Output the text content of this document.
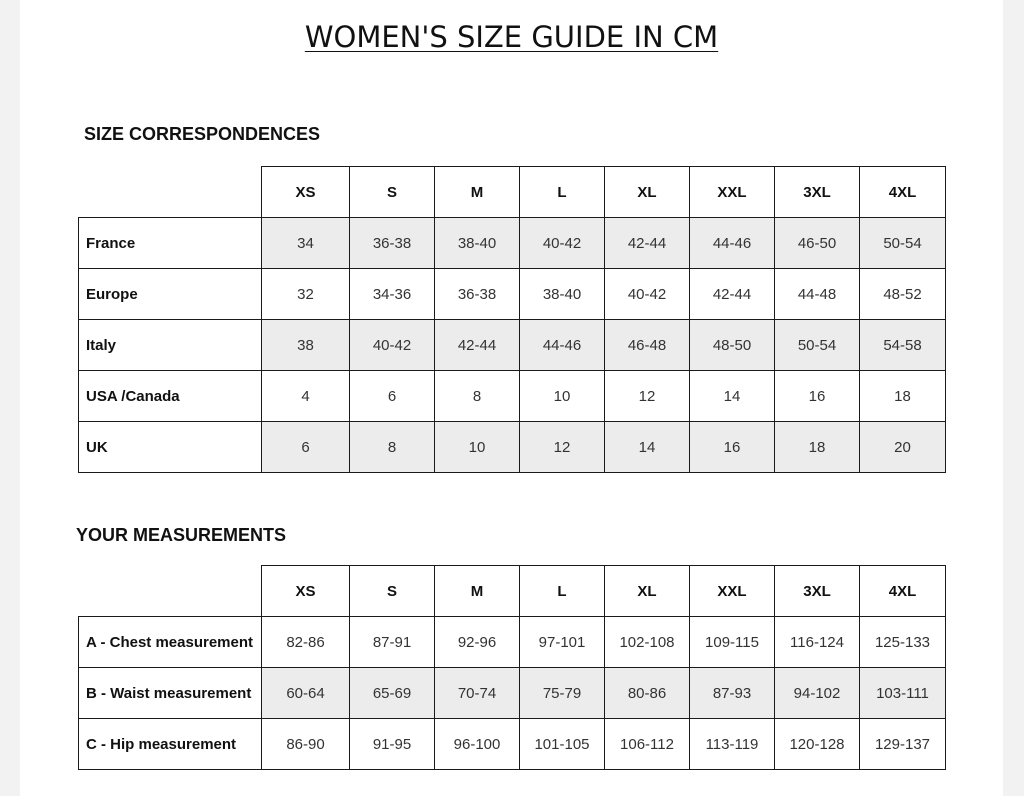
WOMEN'S SIZE GUIDE IN CM
SIZE CORRESPONDENCES
	XS	S	M	L	XL	XXL	3XL	4XL
France	34	36-38	38-40	40-42	42-44	44-46	46-50	50-54
Europe	32	34-36	36-38	38-40	40-42	42-44	44-48	48-52
Italy	38	40-42	42-44	44-46	46-48	48-50	50-54	54-58
USA /Canada	4	6	8	10	12	14	16	18
UK	6	8	10	12	14	16	18	20
YOUR MEASUREMENTS
	XS	S	M	L	XL	XXL	3XL	4XL
A - Chest measurement	82-86	87-91	92-96	97-101	102-108	109-115	116-124	125-133
B - Waist measurement	60-64	65-69	70-74	75-79	80-86	87-93	94-102	103-111
C - Hip measurement	86-90	91-95	96-100	101-105	106-112	113-119	120-128	129-137
